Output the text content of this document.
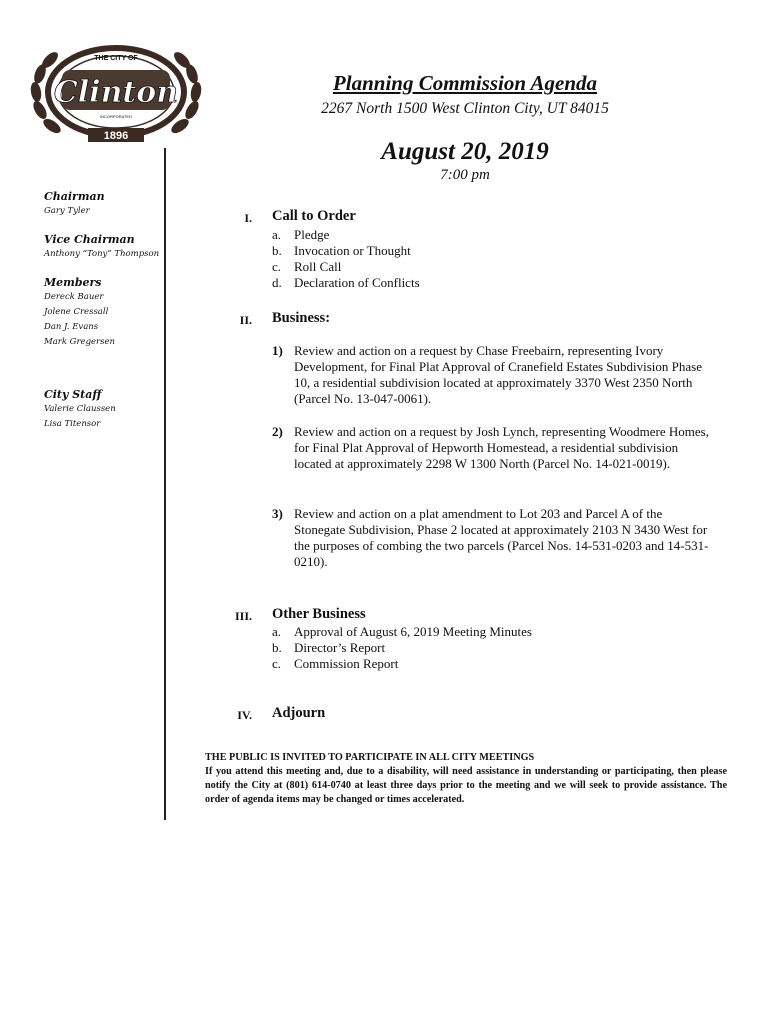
THE CITY OF
Clinton
INCORPORATED
1896
Chairman
Gary Tyler
Vice Chairman
Anthony “Tony” Thompson
Members
Dereck Bauer
Jolene Cressall
Dan J. Evans
Mark Gregersen
City Staff
Valerie Claussen
Lisa Titensor
Planning Commission Agenda
2267 North 1500 West Clinton City, UT 84015
August 20, 2019
7:00 pm
I. Call to Order
a. Pledge
b. Invocation or Thought
c. Roll Call
d. Declaration of Conflicts
II. Business:
1) Review and action on a request by Chase Freebairn, representing Ivory Development, for Final Plat Approval of Cranefield Estates Subdivision Phase 10, a residential subdivision located at approximately 3370 West 2350 North (Parcel No. 13-047-0061).
2) Review and action on a request by Josh Lynch, representing Woodmere Homes, for Final Plat Approval of Hepworth Homestead, a residential subdivision located at approximately 2298 W 1300 North (Parcel No. 14-021-0019).
3) Review and action on a plat amendment to Lot 203 and Parcel A of the Stonegate Subdivision, Phase 2 located at approximately 2103 N 3430 West for the purposes of combing the two parcels (Parcel Nos. 14-531-0203 and 14-531-0210).
III. Other Business
a. Approval of August 6, 2019 Meeting Minutes
b. Director’s Report
c. Commission Report
IV. Adjourn
THE PUBLIC IS INVITED TO PARTICIPATE IN ALL CITY MEETINGS
If you attend this meeting and, due to a disability, will need assistance in understanding or participating, then please notify the City at (801) 614-0740 at least three days prior to the meeting and we will seek to provide assistance. The order of agenda items may be changed or times accelerated.
